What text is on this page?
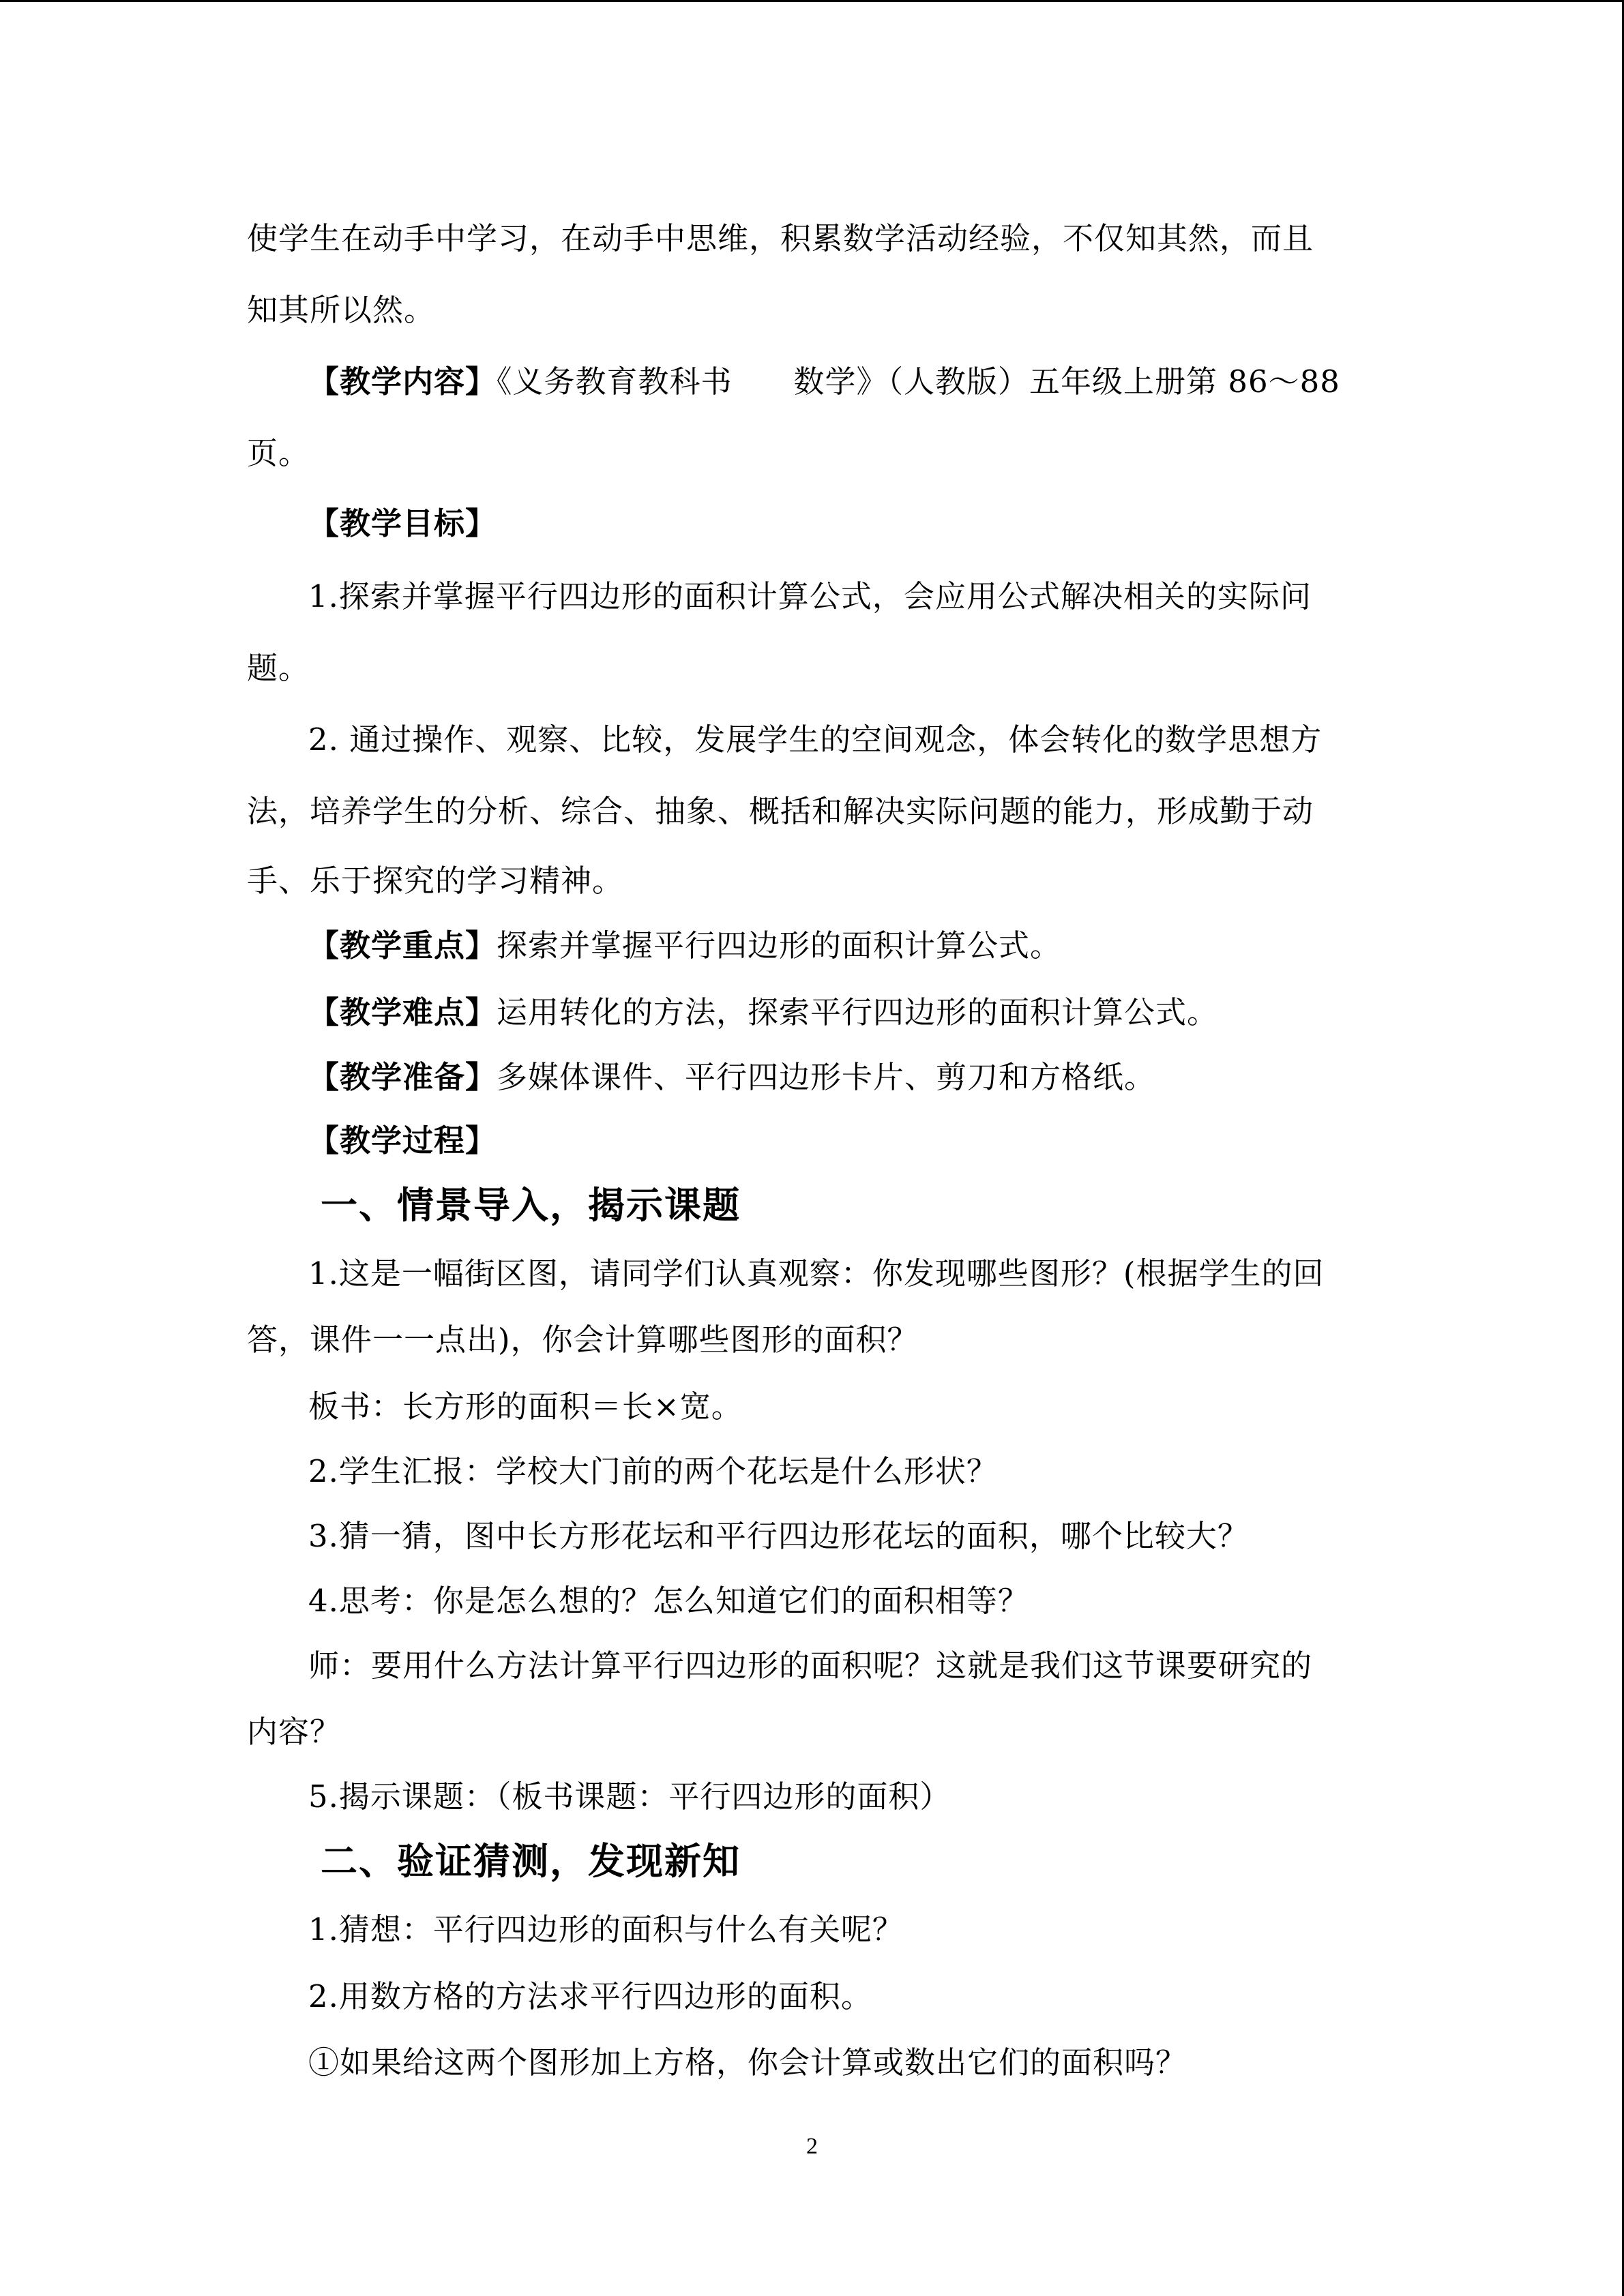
使学生在动手中学习，在动手中思维，积累数学活动经验，不仅知其然，而且
知其所以然。
【教学内容】《义务教育教科书 数学》（人教版）五年级上册第 86～88
页。
【教学目标】
1.探索并掌握平行四边形的面积计算公式，会应用公式解决相关的实际问
题。
2. 通过操作、观察、比较，发展学生的空间观念，体会转化的数学思想方
法，培养学生的分析、综合、抽象、概括和解决实际问题的能力，形成勤于动
手、乐于探究的学习精神。
【教学重点】探索并掌握平行四边形的面积计算公式。
【教学难点】运用转化的方法，探索平行四边形的面积计算公式。
【教学准备】多媒体课件、平行四边形卡片、剪刀和方格纸。
【教学过程】
一、情景导入，揭示课题
1.这是一幅街区图，请同学们认真观察：你发现哪些图形？(根据学生的回
答，课件一一点出)，你会计算哪些图形的面积？
板书：长方形的面积＝长×宽。
2.学生汇报：学校大门前的两个花坛是什么形状？
3.猜一猜，图中长方形花坛和平行四边形花坛的面积，哪个比较大？
4.思考：你是怎么想的？怎么知道它们的面积相等？
师：要用什么方法计算平行四边形的面积呢？这就是我们这节课要研究的
内容？
5.揭示课题：（板书课题：平行四边形的面积）
二、验证猜测，发现新知
1.猜想：平行四边形的面积与什么有关呢？
2.用数方格的方法求平行四边形的面积。
①如果给这两个图形加上方格，你会计算或数出它们的面积吗？
2
